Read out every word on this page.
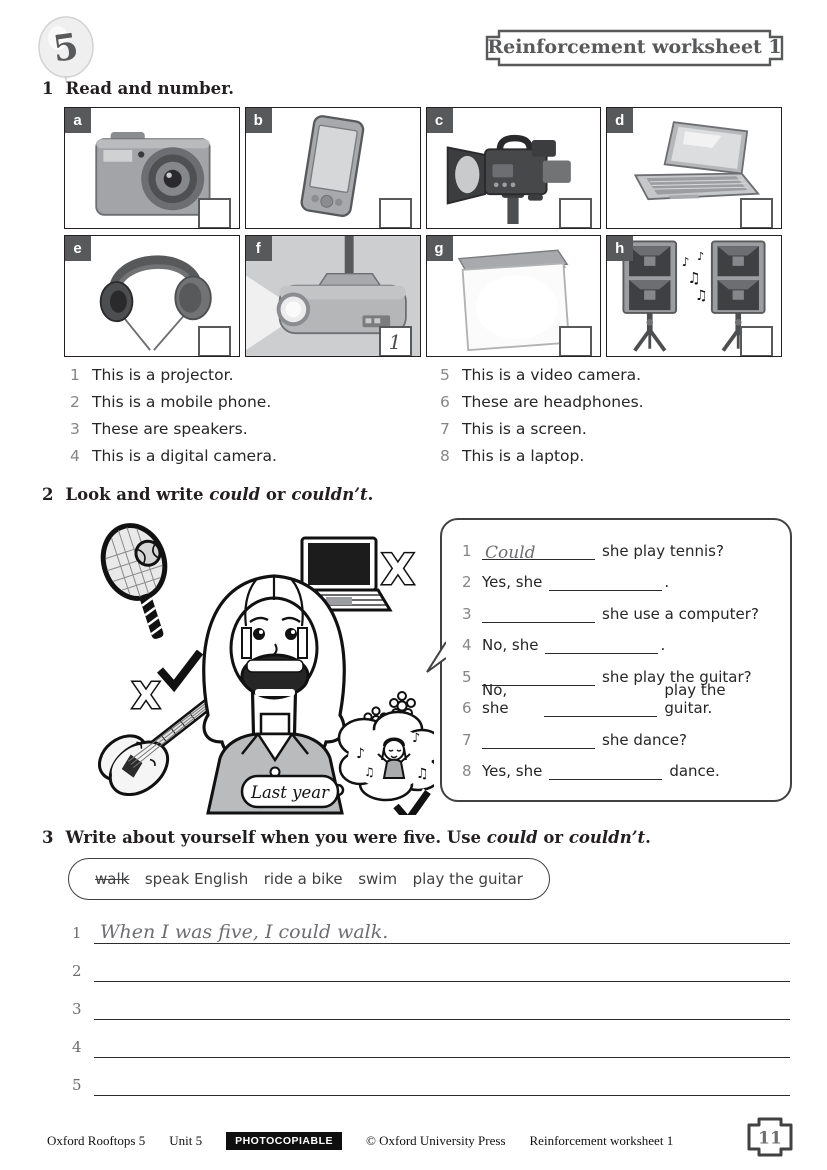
5	Reinforcement worksheet 1
1 Read and number.
a	b	c	d
e	f
1
g	h
♪
♫
♪
♫
1 This is a projector.
2 This is a mobile phone.
3 These are speakers.
4 This is a digital camera.
5 This is a video camera.
6 These are headphones.
7 This is a screen.
8 This is a laptop.
2 Look and write could or couldn’t.
X
X
♪
♫
♪
♫
Last year
1 Could	she play tennis?
2 Yes, she	.
3	she use a computer?
4 No, she	.
5	she play the guitar?
6
No, she
play the guitar.
7	she dance?
8 Yes, she	dance.
3 Write about yourself when you were five. Use could or couldn’t.
walk speak English ride a bike swim play the guitar
1 When I was five, I could walk.
2
3
4
5
Oxford Rooftops 5 Unit 5	PHOTOCOPIABLE	© Oxford University Press Reinforcement worksheet 1	11
